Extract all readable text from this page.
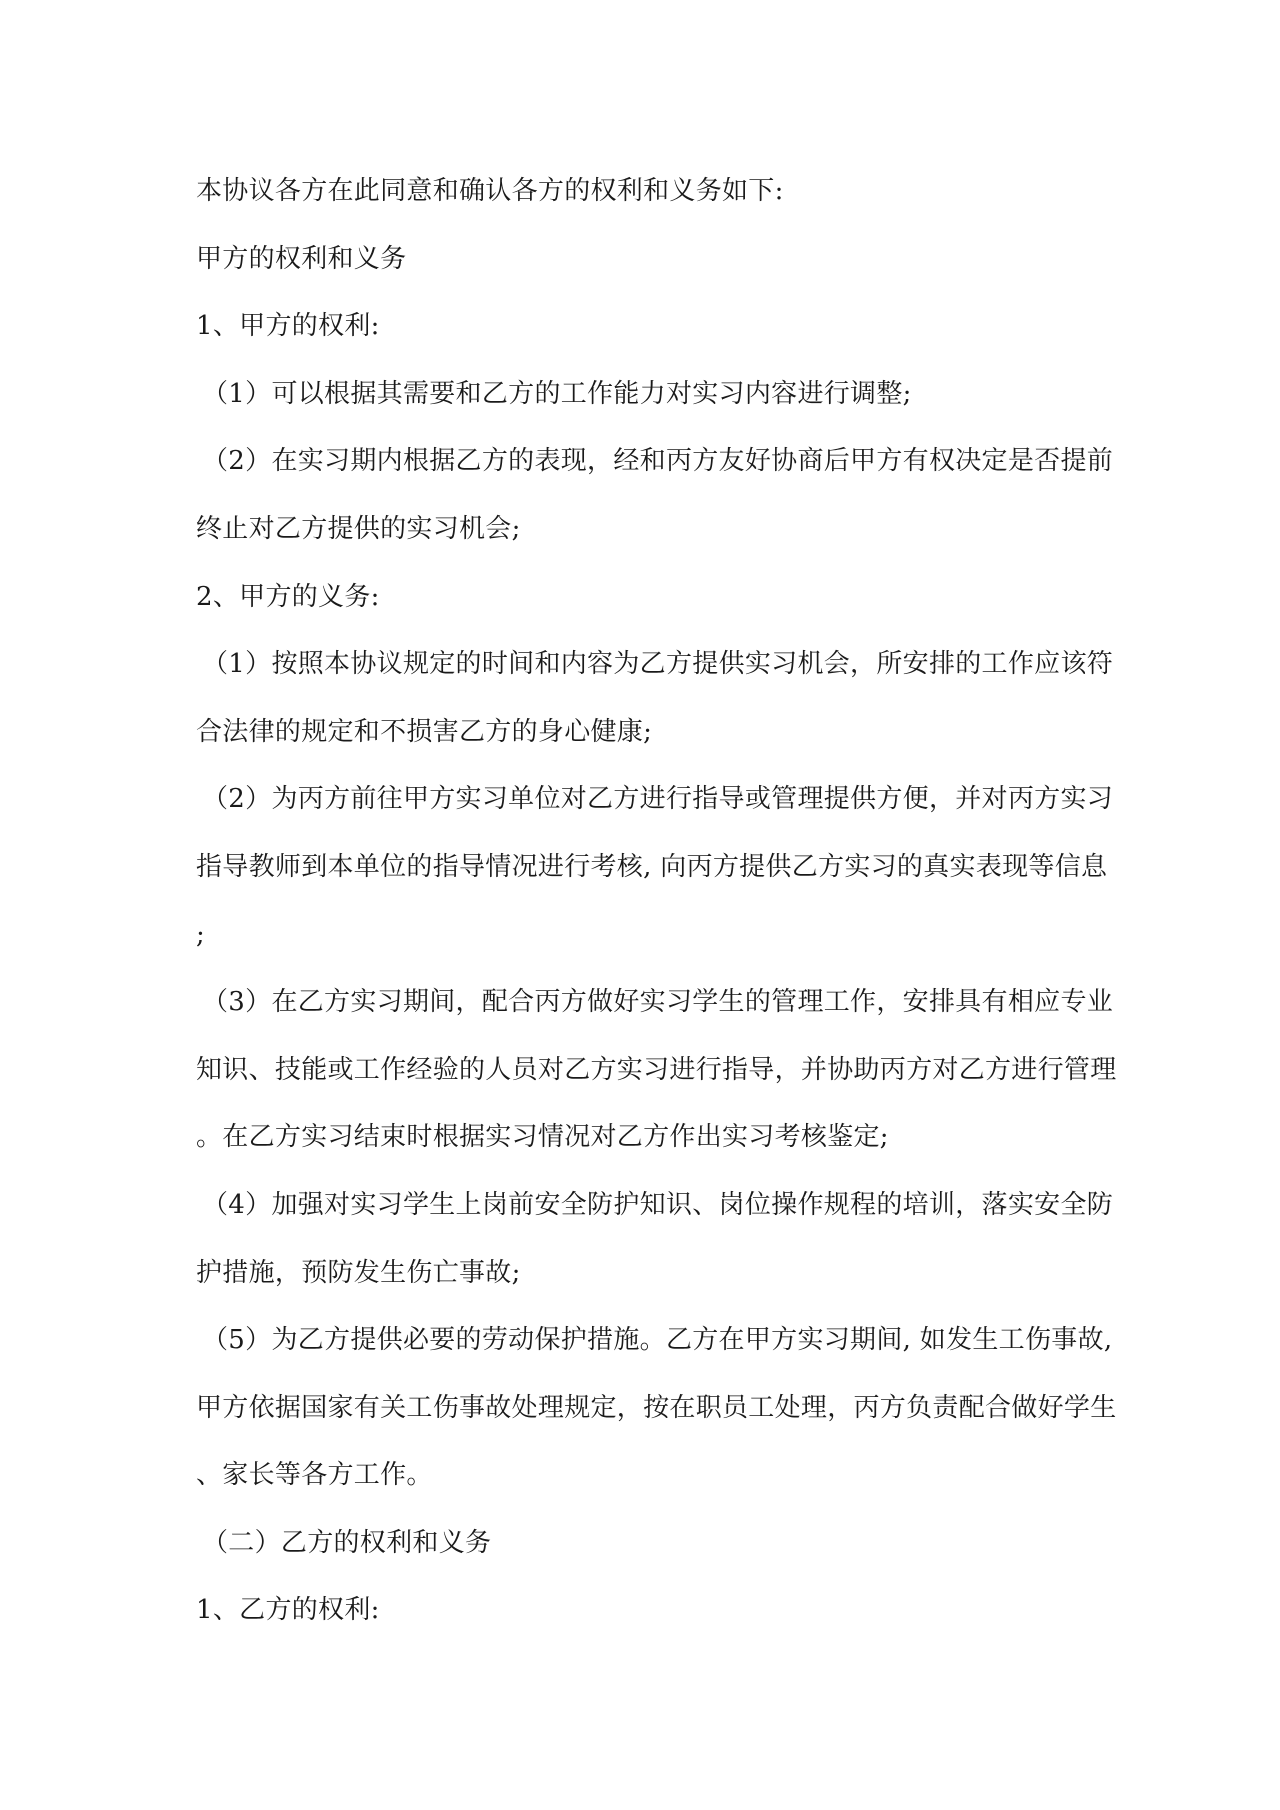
本协议各方在此同意和确认各方的权利和义务如下:

甲方的权利和义务

1、甲方的权利:

（1）可以根据其需要和乙方的工作能力对实习内容进行调整;

（2）在实习期内根据乙方的表现，经和丙方友好协商后甲方有权决定是否提前

终止对乙方提供的实习机会;

2、甲方的义务:

（1）按照本协议规定的时间和内容为乙方提供实习机会，所安排的工作应该符

合法律的规定和不损害乙方的身心健康;

（2）为丙方前往甲方实习单位对乙方进行指导或管理提供方便，并对丙方实习

指导教师到本单位的指导情况进行考核, 向丙方提供乙方实习的真实表现等信息

;

（3）在乙方实习期间，配合丙方做好实习学生的管理工作，安排具有相应专业

知识、技能或工作经验的人员对乙方实习进行指导，并协助丙方对乙方进行管理

。在乙方实习结束时根据实习情况对乙方作出实习考核鉴定;

（4）加强对实习学生上岗前安全防护知识、岗位操作规程的培训，落实安全防

护措施，预防发生伤亡事故;

（5）为乙方提供必要的劳动保护措施。乙方在甲方实习期间, 如发生工伤事故,

甲方依据国家有关工伤事故处理规定，按在职员工处理，丙方负责配合做好学生

、家长等各方工作。

（二）乙方的权利和义务

1、乙方的权利:
